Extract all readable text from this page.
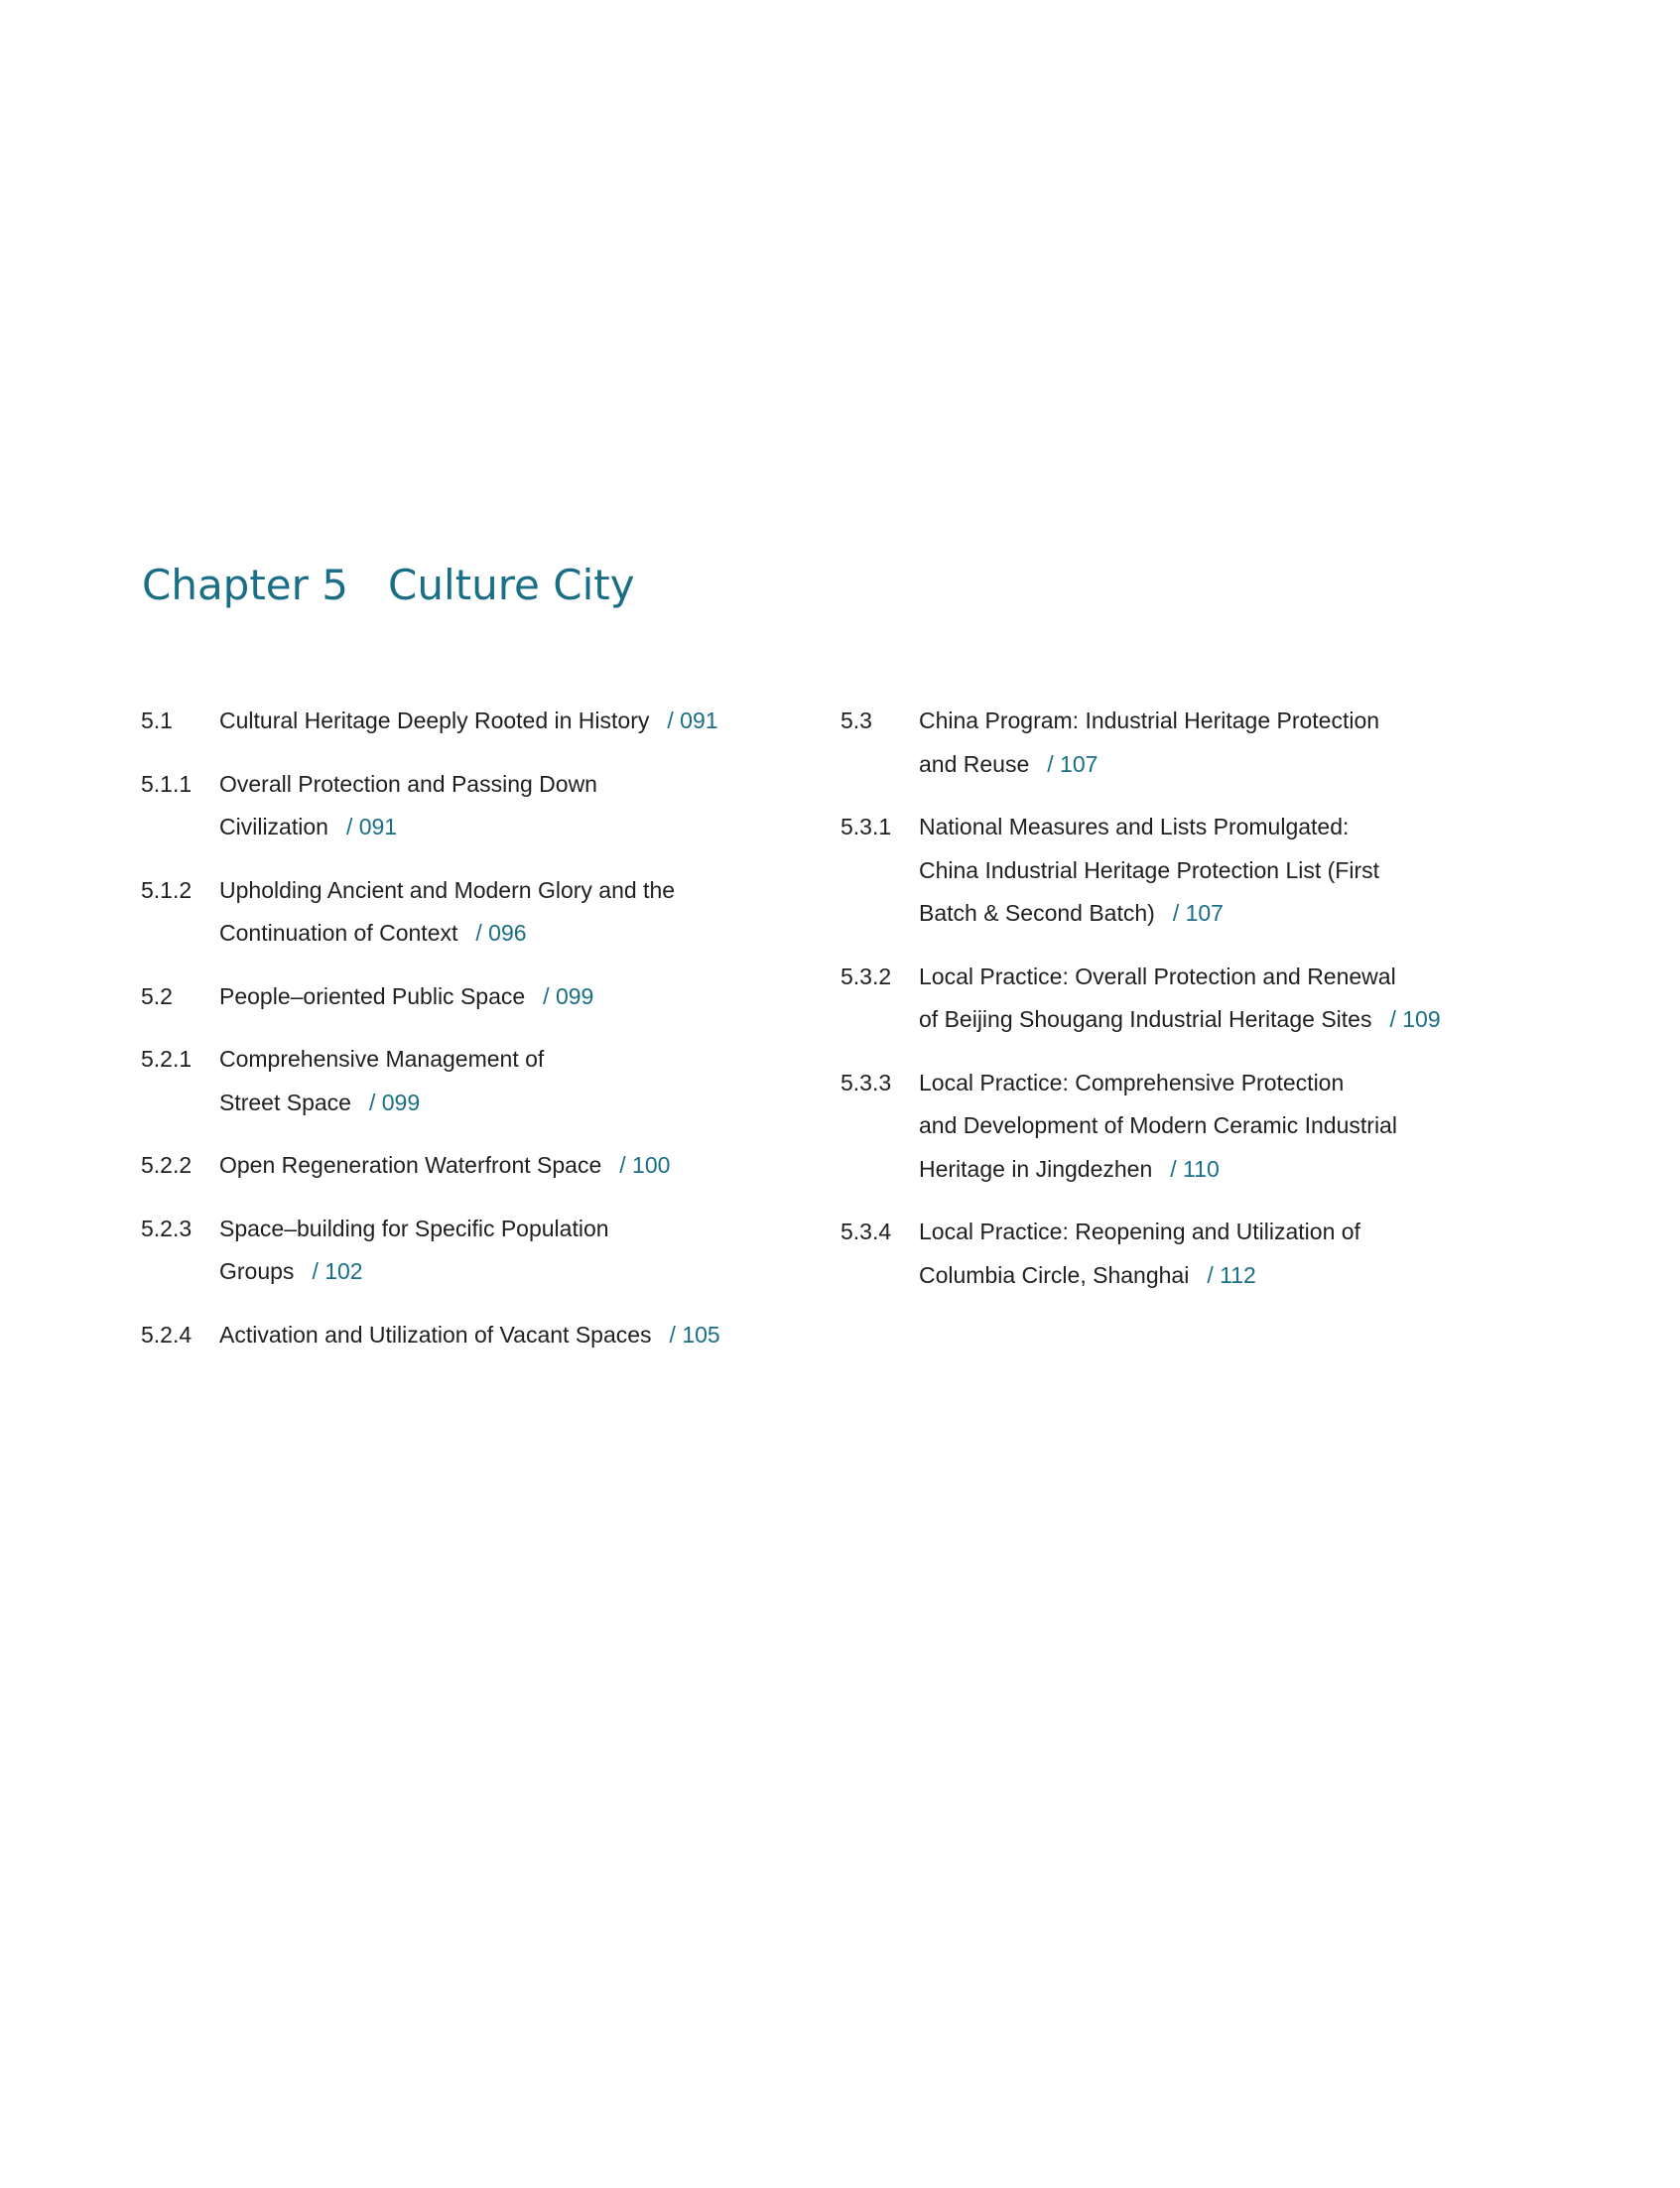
Chapter 5 Culture City
5.1	Cultural Heritage Deeply Rooted in History / 091
5.1.1	Overall Protection and Passing Down
Civilization / 091
5.1.2	Upholding Ancient and Modern Glory and the
Continuation of Context / 096
5.2	People–oriented Public Space / 099
5.2.1	Comprehensive Management of
Street Space / 099
5.2.2	Open Regeneration Waterfront Space / 100
5.2.3	Space–building for Specific Population
Groups / 102
5.2.4	Activation and Utilization of Vacant Spaces / 105
5.3	China Program: Industrial Heritage Protection
and Reuse / 107
5.3.1	National Measures and Lists Promulgated:
China Industrial Heritage Protection List (First
Batch & Second Batch) / 107
5.3.2	Local Practice: Overall Protection and Renewal
of Beijing Shougang Industrial Heritage Sites / 109
5.3.3	Local Practice: Comprehensive Protection
and Development of Modern Ceramic Industrial
Heritage in Jingdezhen / 110
5.3.4	Local Practice: Reopening and Utilization of
Columbia Circle, Shanghai / 112
